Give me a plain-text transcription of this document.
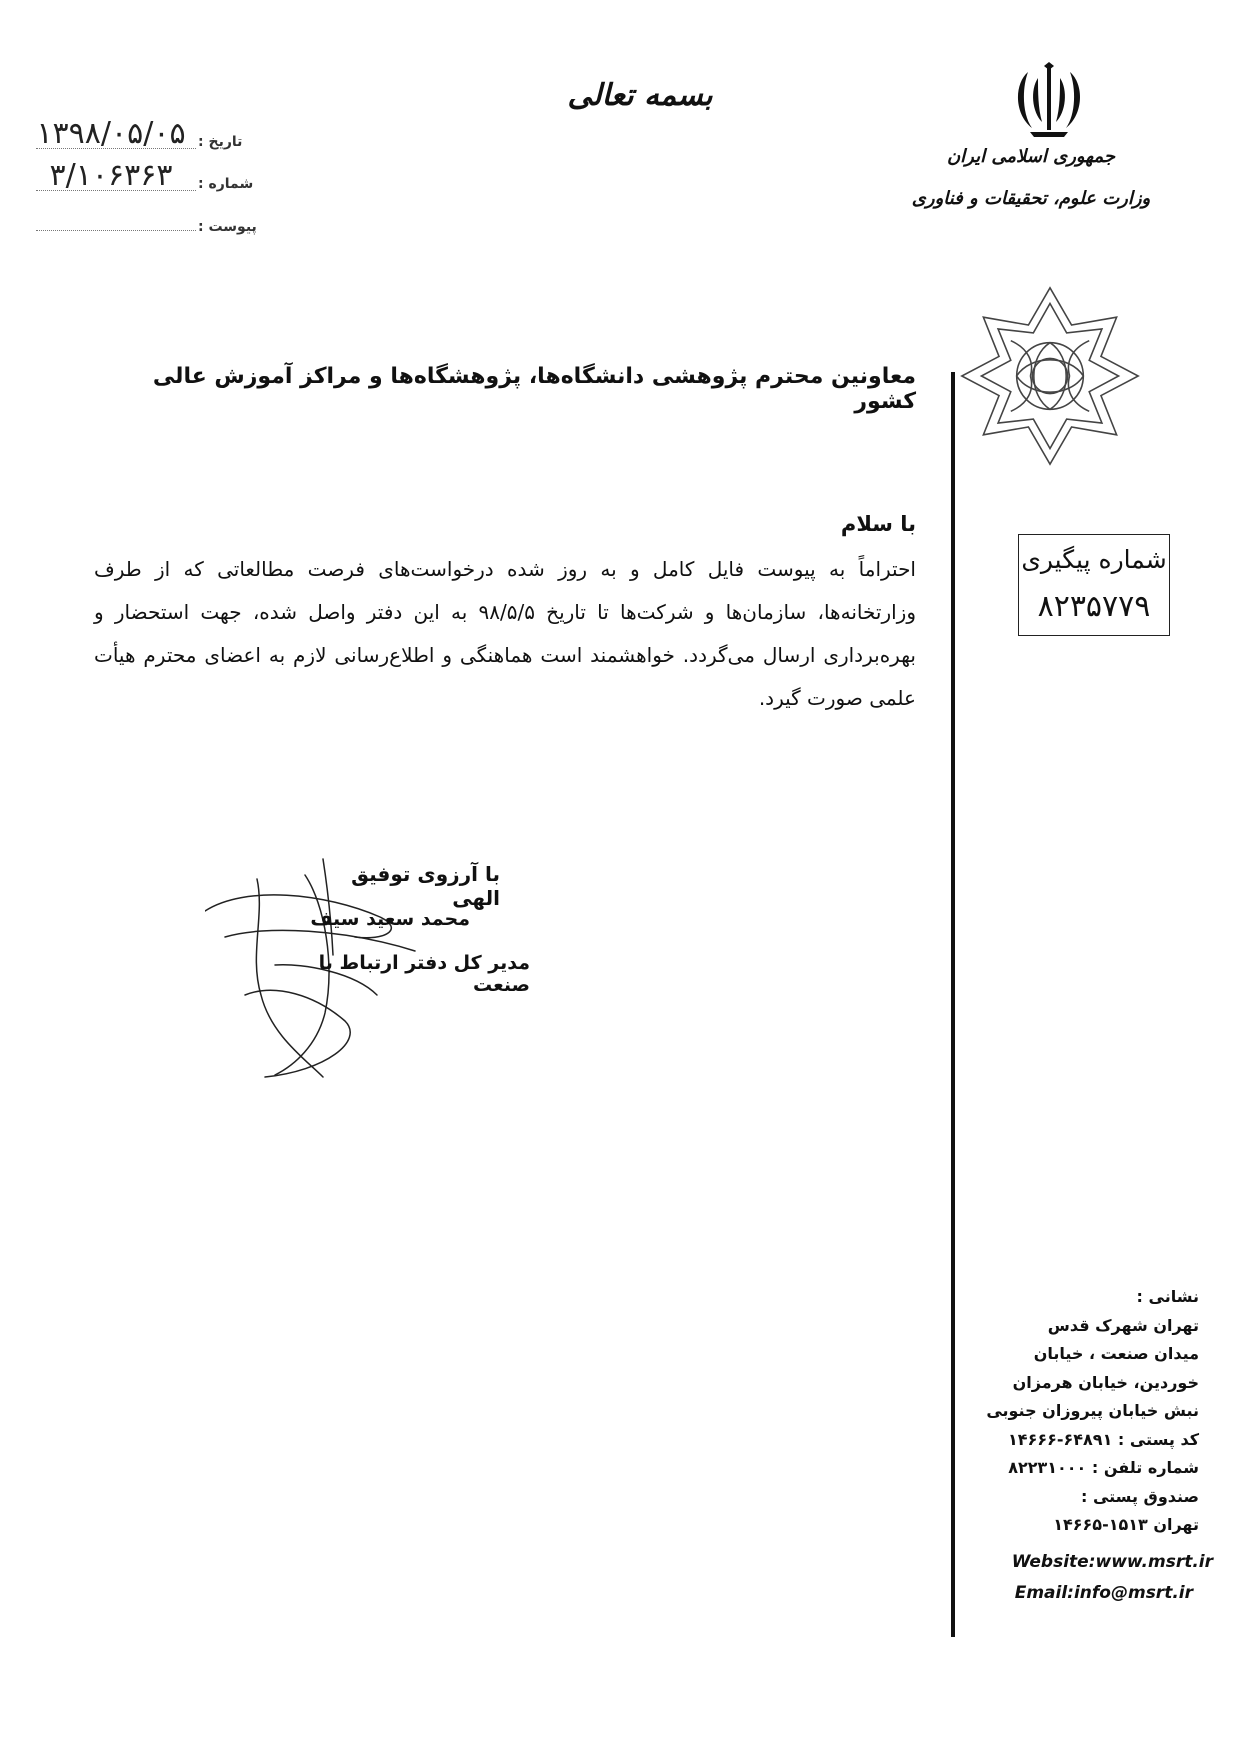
جمهوری اسلامی ایران
وزارت علوم، تحقیقات و فناوری
بسمه تعالی
تاریخ :
۱۳۹۸/۰۵/۰۵
شماره :
۳/۱۰۶۳۶۳
پیوست :
شماره پیگیری
۸۲۳۵۷۷۹
معاونین محترم پژوهشی دانشگاه‌ها، پژوهشگاه‌ها و مراکز آموزش عالی کشور
با سلام
احتراماً به پیوست فایل کامل و به روز شده درخواست‌های فرصت مطالعاتی که از طرف وزارتخانه‌ها، سازمان‌ها و شرکت‌ها تا تاریخ ۹۸/۵/۵ به این دفتر واصل شده، جهت استحضار و بهره‌برداری ارسال می‌گردد. خواهشمند است هماهنگی و اطلاع‌رسانی لازم به اعضای محترم هیأت علمی صورت گیرد.
با آرزوی توفیق الهی
محمد سعید سیف
مدیر کل دفتر ارتباط با صنعت
نشانی :
تهران شهرک قدس
میدان صنعت ، خیابان
خوردین، خیابان هرمزان
نبش خیابان پیروزان جنوبی
کد پستی : ۶۴۸۹۱-۱۴۶۶۶
شماره تلفن : ۸۲۲۳۱۰۰۰
صندوق پستی :
تهران ۱۵۱۳-۱۴۶۶۵
Website:www.msrt.ir
Email:info@msrt.ir
